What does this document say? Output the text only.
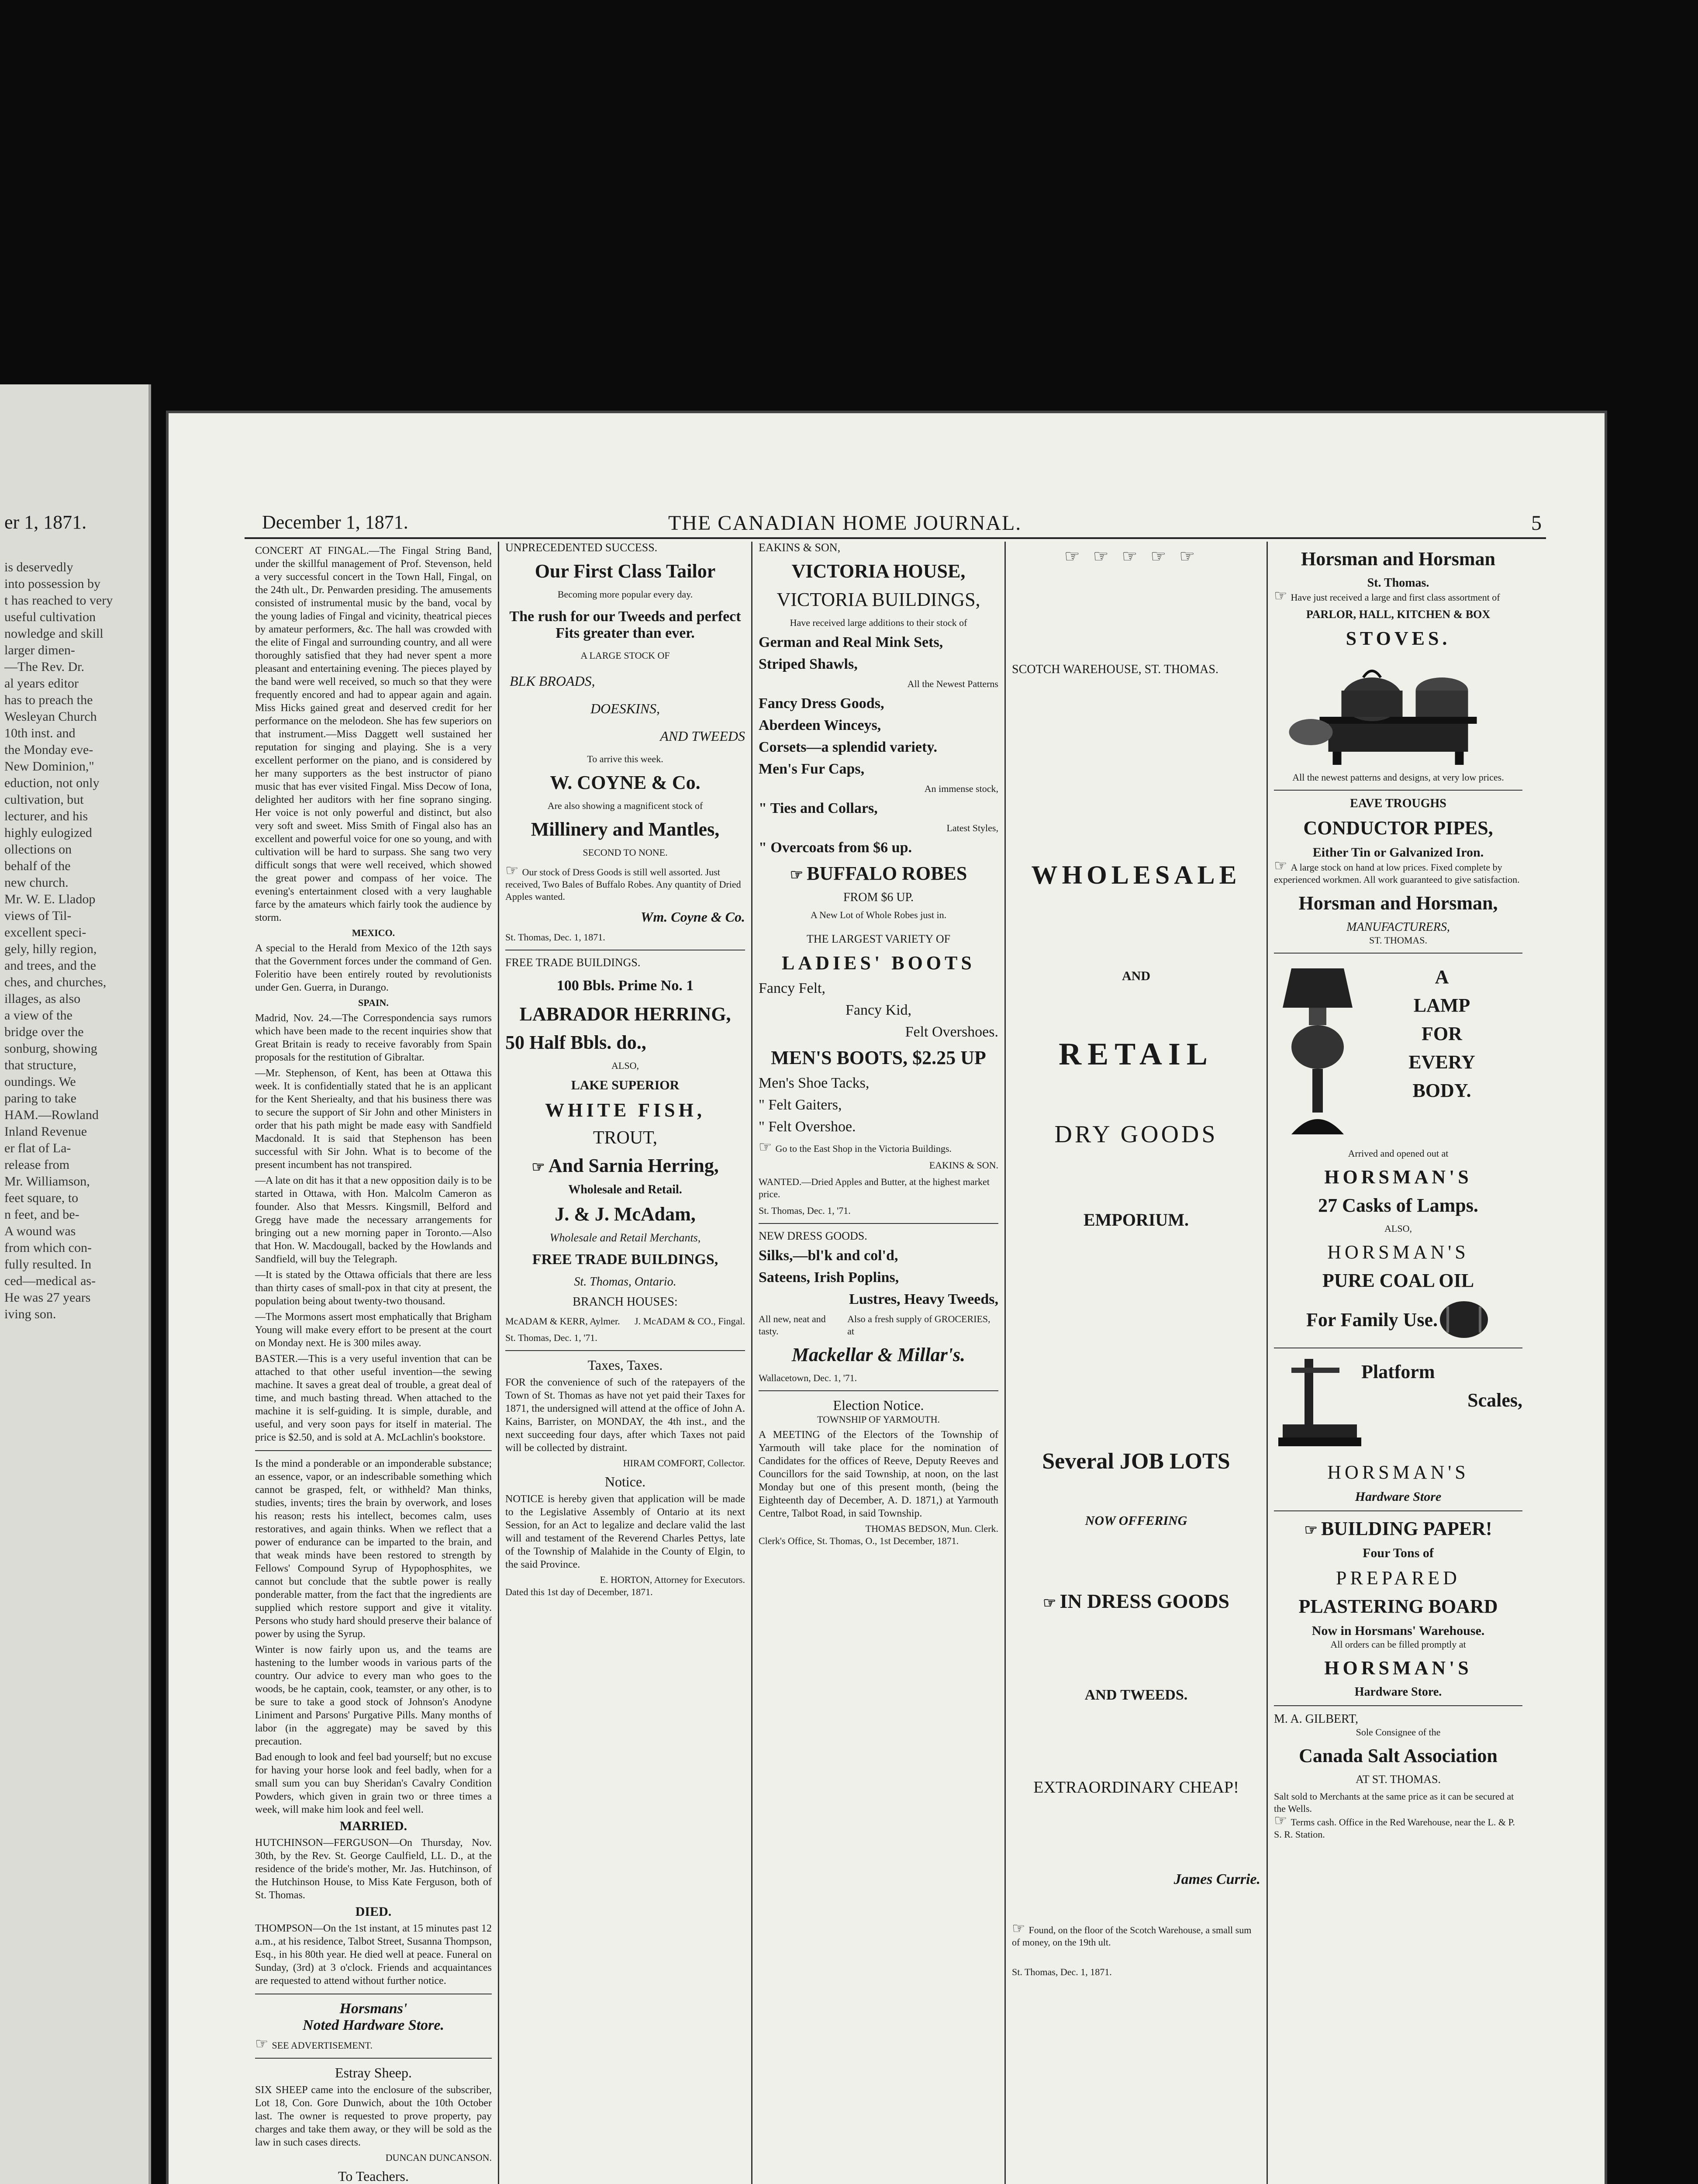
er 1, 1871.
is deservedly
into possession by
t has reached to very
useful cultivation
nowledge and skill
larger dimen-
—The Rev. Dr.
al years editor
has to preach the
Wesleyan Church
10th inst. and
the Monday eve-
New Dominion,"
eduction, not only
cultivation, but
lecturer, and his
highly eulogized
ollections on
behalf of the
new church.
Mr. W. E. Lladop
views of Til-
excellent speci-
gely, hilly region,
and trees, and the
ches, and churches,
illages, as also
a view of the
bridge over the
sonburg, showing
that structure,
oundings. We
paring to take
HAM.—Rowland
Inland Revenue
er flat of La-
release from
Mr. Williamson,
feet square, to
n feet, and be-
A wound was
from which con-
fully resulted. In
ced—medical as-
He was 27 years
iving son.
December 1, 1871.	THE CANADIAN HOME JOURNAL.	5

CONCERT AT FINGAL.—The Fingal String Band, under the skillful management of Prof. Stevenson, held a very successful concert in the Town Hall, Fingal, on the 24th ult., Dr. Penwarden presiding. The amusements consisted of instrumental music by the band, vocal by the young ladies of Fingal and vicinity, theatrical pieces by amateur performers, &c. The hall was crowded with the elite of Fingal and surrounding country, and all were thoroughly satisfied that they had never spent a more pleasant and entertaining evening. The pieces played by the band were well received, so much so that they were frequently encored and had to appear again and again. Miss Hicks gained great and deserved credit for her performance on the melodeon. She has few superiors on that instrument.—Miss Daggett well sustained her reputation for singing and playing. She is a very excellent performer on the piano, and is considered by her many supporters as the best instructor of piano music that has ever visited Fingal. Miss Decow of Iona, delighted her auditors with her fine soprano singing. Her voice is not only powerful and distinct, but also very soft and sweet. Miss Smith of Fingal also has an excellent and powerful voice for one so young, and with cultivation will be hard to surpass. She sang two very difficult songs that were well received, which showed the great power and compass of her voice. The evening's entertainment closed with a very laughable farce by the amateurs which fairly took the audience by storm.

MEXICO.

A special to the Herald from Mexico of the 12th says that the Government forces under the command of Gen. Foleritio have been entirely routed by revolutionists under Gen. Guerra, in Durango.

SPAIN.

Madrid, Nov. 24.—The Correspondencia says rumors which have been made to the recent inquiries show that Great Britain is ready to receive favorably from Spain proposals for the restitution of Gibraltar.

—Mr. Stephenson, of Kent, has been at Ottawa this week. It is confidentially stated that he is an applicant for the Kent Sheriealty, and that his business there was to secure the support of Sir John and other Ministers in order that his path might be made easy with Sandfield Macdonald. It is said that Stephenson has been successful with Sir John. What is to become of the present incumbent has not transpired.

—A late on dit has it that a new opposition daily is to be started in Ottawa, with Hon. Malcolm Cameron as founder. Also that Messrs. Kingsmill, Belford and Gregg have made the necessary arrangements for bringing out a new morning paper in Toronto.—Also that Hon. W. Macdougall, backed by the Howlands and Sandfield, will buy the Telegraph.

—It is stated by the Ottawa officials that there are less than thirty cases of small-pox in that city at present, the population being about twenty-two thousand.

—The Mormons assert most emphatically that Brigham Young will make every effort to be present at the court on Monday next. He is 300 miles away.

BASTER.—This is a very useful invention that can be attached to that other useful invention—the sewing machine. It saves a great deal of trouble, a great deal of time, and much basting thread. When attached to the machine it is self-guiding. It is simple, durable, and useful, and very soon pays for itself in material. The price is $2.50, and is sold at A. McLachlin's bookstore.

Is the mind a ponderable or an imponderable substance; an essence, vapor, or an indescribable something which cannot be grasped, felt, or withheld? Man thinks, studies, invents; tires the brain by overwork, and loses his reason; rests his intellect, becomes calm, uses restoratives, and again thinks. When we reflect that a power of endurance can be imparted to the brain, and that weak minds have been restored to strength by Fellows' Compound Syrup of Hypophosphites, we cannot but conclude that the subtle power is really ponderable matter, from the fact that the ingredients are supplied which restore support and give it vitality. Persons who study hard should preserve their balance of power by using the Syrup.

Winter is now fairly upon us, and the teams are hastening to the lumber woods in various parts of the country. Our advice to every man who goes to the woods, be he captain, cook, teamster, or any other, is to be sure to take a good stock of Johnson's Anodyne Liniment and Parsons' Purgative Pills. Many months of labor (in the aggregate) may be saved by this precaution.

Bad enough to look and feel bad yourself; but no excuse for having your horse look and feel badly, when for a small sum you can buy Sheridan's Cavalry Condition Powders, which given in grain two or three times a week, will make him look and feel well.

MARRIED.

HUTCHINSON—FERGUSON—On Thursday, Nov. 30th, by the Rev. St. George Caulfield, LL. D., at the residence of the bride's mother, Mr. Jas. Hutchinson, of the Hutchinson House, to Miss Kate Ferguson, both of St. Thomas.

DIED.

THOMPSON—On the 1st instant, at 15 minutes past 12 a.m., at his residence, Talbot Street, Susanna Thompson, Esq., in his 80th year. He died well at peace. Funeral on Sunday, (3rd) at 3 o'clock. Friends and acquaintances are requested to attend without further notice.

Horsmans'
Noted Hardware Store.
☞ SEE ADVERTISEMENT.
Estray Sheep.

SIX SHEEP came into the enclosure of the subscriber, Lot 18, Con. Gore Dunwich, about the 10th October last. The owner is requested to prove property, pay charges and take them away, or they will be sold as the law in such cases directs.

DUNCAN DUNCANSON.
To Teachers.

UNPRECEDENTED SUCCESS.
Our First Class Tailor
Becoming more popular every day.
The rush for our Tweeds and perfect Fits greater than ever.
A LARGE STOCK OF
BLK BROADS,
DOESKINS,
AND TWEEDS
To arrive this week.
W. COYNE & Co.
Are also showing a magnificent stock of
Millinery and Mantles,
SECOND TO NONE.
☞ Our stock of Dress Goods is still well assorted. Just received, Two Bales of Buffalo Robes. Any quantity of Dried Apples wanted.
Wm. Coyne & Co.
St. Thomas, Dec. 1, 1871.
FREE TRADE BUILDINGS.
100 Bbls. Prime No. 1
LABRADOR HERRING,
50 Half Bbls. do.,
ALSO,
LAKE SUPERIOR
WHITE FISH,
TROUT,
☞ And Sarnia Herring,
Wholesale and Retail.
J. & J. McAdam,
Wholesale and Retail Merchants,
FREE TRADE BUILDINGS,
St. Thomas, Ontario.
BRANCH HOUSES:
McADAM & KERR, Aylmer. J. McADAM & CO., Fingal.
St. Thomas, Dec. 1, '71.
Taxes, Taxes.

FOR the convenience of such of the ratepayers of the Town of St. Thomas as have not yet paid their Taxes for 1871, the undersigned will attend at the office of John A. Kains, Barrister, on MONDAY, the 4th inst., and the next succeeding four days, after which Taxes not paid will be collected by distraint.

HIRAM COMFORT, Collector.
Notice.

NOTICE is hereby given that application will be made to the Legislative Assembly of Ontario at its next Session, for an Act to legalize and declare valid the last will and testament of the Reverend Charles Pettys, late of the Township of Malahide in the County of Elgin, to the said Province.

E. HORTON, Attorney for Executors.
Dated this 1st day of December, 1871.
EAKINS & SON,
VICTORIA HOUSE,
VICTORIA BUILDINGS,
Have received large additions to their stock of
German and Real Mink Sets,
Striped Shawls,
All the Newest Patterns
Fancy Dress Goods,
Aberdeen Winceys,
Corsets—a splendid variety.
Men's Fur Caps,
An immense stock,
" Ties and Collars,
Latest Styles,
" Overcoats from $6 up.
☞ BUFFALO ROBES
FROM $6 UP.
A New Lot of Whole Robes just in.
THE LARGEST VARIETY OF
LADIES' BOOTS
Fancy Felt,
Fancy Kid,
Felt Overshoes.
MEN'S BOOTS, $2.25 UP
Men's Shoe Tacks,
" Felt Gaiters,
" Felt Overshoe.
☞ Go to the East Shop in the Victoria Buildings.
EAKINS & SON.
WANTED.—Dried Apples and Butter, at the highest market price.
St. Thomas, Dec. 1, '71.
NEW DRESS GOODS.
Silks,—bl'k and col'd,
Sateens, Irish Poplins,
Lustres, Heavy Tweeds,
All new, neat and tasty.
Also a fresh supply of GROCERIES, at
Mackellar & Millar's.
Wallacetown, Dec. 1, '71.
Election Notice.
TOWNSHIP OF YARMOUTH.

A MEETING of the Electors of the Township of Yarmouth will take place for the nomination of Candidates for the offices of Reeve, Deputy Reeves and Councillors for the said Township, at noon, on the last Monday but one of this present month, (being the Eighteenth day of December, A. D. 1871,) at Yarmouth Centre, Talbot Road, in said Township.

THOMAS BEDSON, Mun. Clerk.
Clerk's Office, St. Thomas, O., 1st December, 1871.
☞☞☞☞☞
SCOTCH WAREHOUSE, ST. THOMAS.
WHOLESALE
AND
RETAIL
DRY GOODS
EMPORIUM.
Several JOB LOTS
NOW OFFERING
☞ IN DRESS GOODS
AND TWEEDS.
EXTRAORDINARY CHEAP!
James Currie.
☞ Found, on the floor of the Scotch Warehouse, a small sum of money, on the 19th ult.
St. Thomas, Dec. 1, 1871.
Horsman and Horsman
St. Thomas.
☞ Have just received a large and first class assortment of
PARLOR, HALL, KITCHEN & BOX
STOVES.
All the newest patterns and designs, at very low prices.
EAVE TROUGHS
CONDUCTOR PIPES,
Either Tin or Galvanized Iron.
☞ A large stock on hand at low prices. Fixed complete by experienced workmen. All work guaranteed to give satisfaction.
Horsman and Horsman,
MANUFACTURERS,
ST. THOMAS.
A
LAMP
FOR
EVERY
BODY.
Arrived and opened out at
HORSMAN'S
27 Casks of Lamps.
ALSO,
HORSMAN'S
PURE COAL OIL
For Family Use.
Platform
Scales,
HORSMAN'S
Hardware Store
☞ BUILDING PAPER!
Four Tons of
PREPARED
PLASTERING BOARD
Now in Horsmans' Warehouse.
All orders can be filled promptly at
HORSMAN'S
Hardware Store.
M. A. GILBERT,
Sole Consignee of the
Canada Salt Association
AT ST. THOMAS.
Salt sold to Merchants at the same price as it can be secured at the Wells.
☞ Terms cash. Office in the Red Warehouse, near the L. & P. S. R. Station.
